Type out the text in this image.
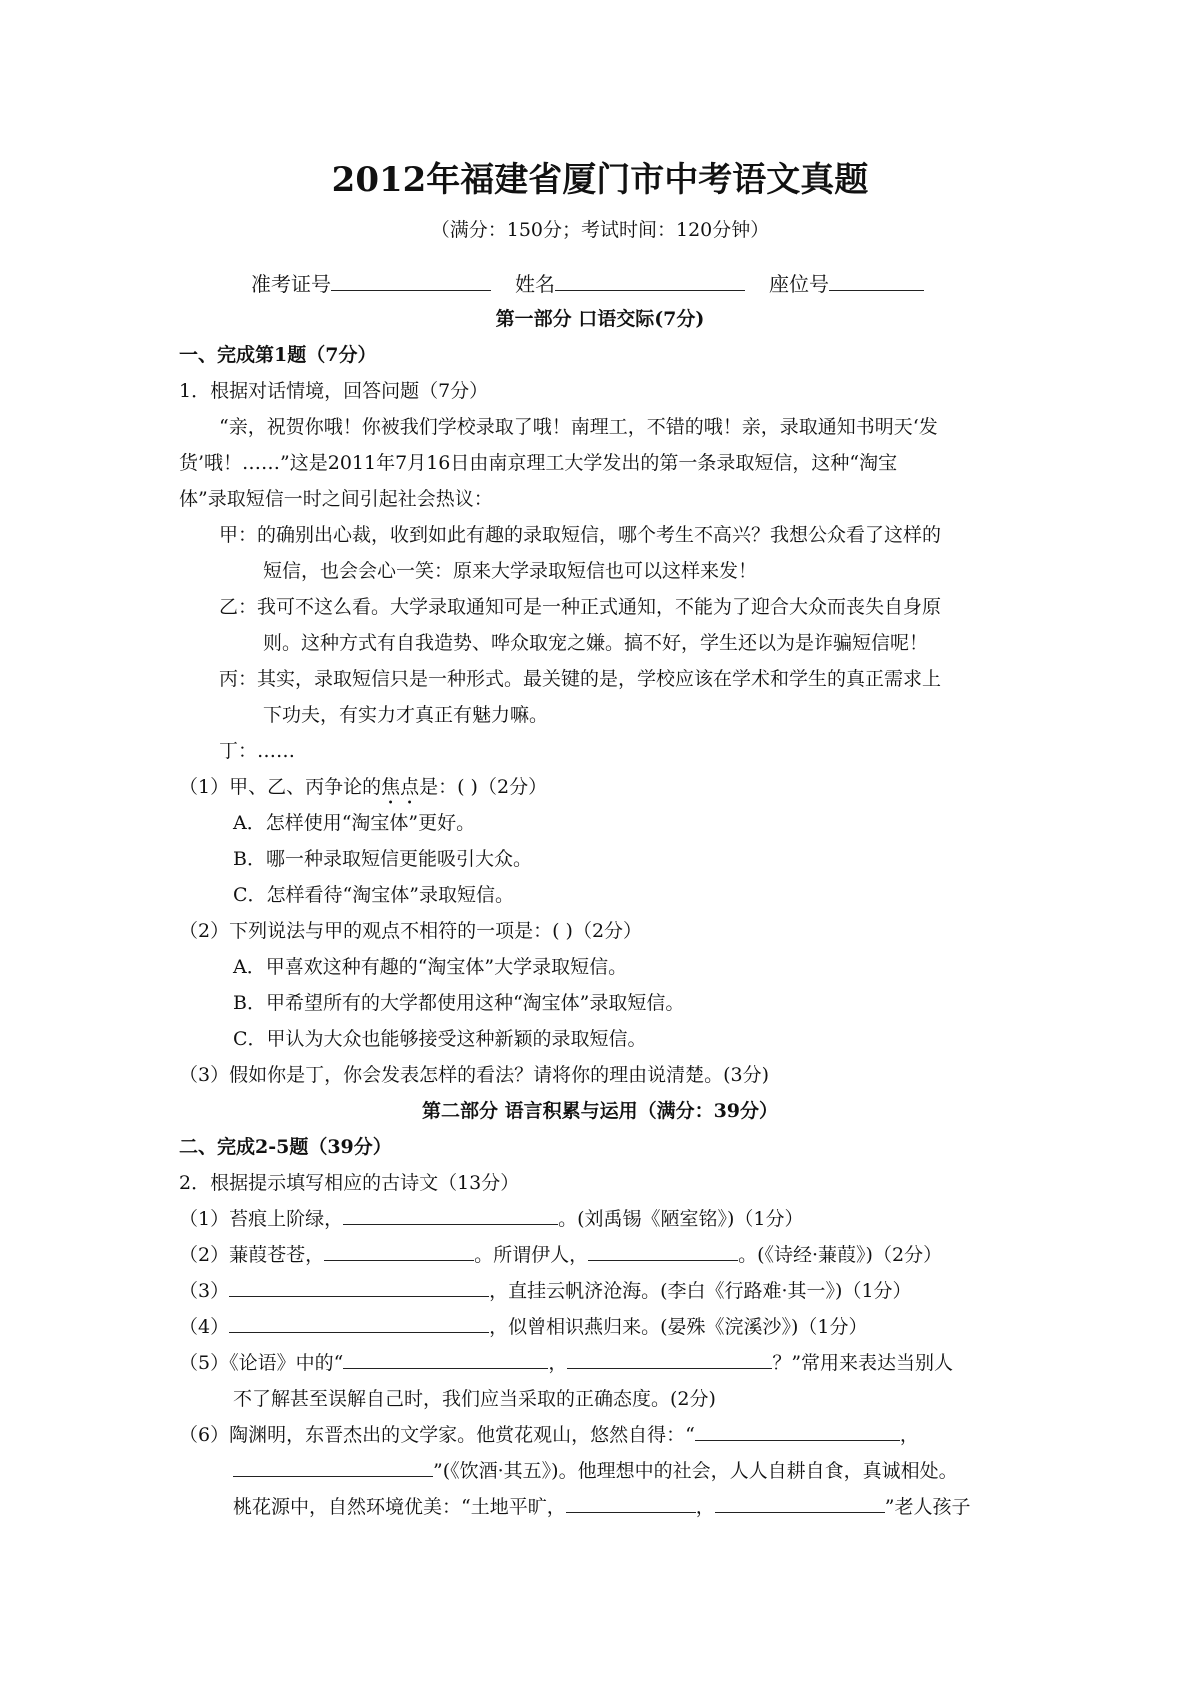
2012年福建省厦门市中考语文真题
（满分：150分；考试时间：120分钟）
准考证号	姓名	座位号
第一部分 口语交际(7分)
一、完成第1题（7分）
1．根据对话情境，回答问题（7分）
“亲，祝贺你哦！你被我们学校录取了哦！南理工，不错的哦！亲，录取通知书明天‘发
货’哦！……”这是2011年7月16日由南京理工大学发出的第一条录取短信，这种“淘宝
体”录取短信一时之间引起社会热议：
甲：的确别出心裁，收到如此有趣的录取短信，哪个考生不高兴？我想公众看了这样的
短信，也会会心一笑：原来大学录取短信也可以这样来发！
乙：我可不这么看。大学录取通知可是一种正式通知，不能为了迎合大众而丧失自身原
则。这种方式有自我造势、哗众取宠之嫌。搞不好，学生还以为是诈骗短信呢！
丙：其实，录取短信只是一种形式。最关键的是，学校应该在学术和学生的真正需求上
下功夫，有实力才真正有魅力嘛。
丁：……
（1）甲、乙、丙争论的焦点是：( )（2分）
A．怎样使用“淘宝体”更好。
B．哪一种录取短信更能吸引大众。
C．怎样看待“淘宝体”录取短信。
（2）下列说法与甲的观点不相符的一项是：( )（2分）
A．甲喜欢这种有趣的“淘宝体”大学录取短信。
B．甲希望所有的大学都使用这种“淘宝体”录取短信。
C．甲认为大众也能够接受这种新颖的录取短信。
（3）假如你是丁，你会发表怎样的看法？请将你的理由说清楚。(3分)
第二部分 语言积累与运用（满分：39分）
二、完成2-5题（39分）
2．根据提示填写相应的古诗文（13分）
（1）苔痕上阶绿，	。(刘禹锡《陋室铭》)（1分）
（2）蒹葭苍苍，	。所谓伊人，	。(《诗经·蒹葭》)（2分）
（3）	，直挂云帆济沧海。(李白《行路难·其一》)（1分）
（4）	，似曾相识燕归来。(晏殊《浣溪沙》)（1分）
（5）《论语》中的“	，	？”常用来表达当别人
不了解甚至误解自己时，我们应当采取的正确态度。(2分)
（6）陶渊明，东晋杰出的文学家。他赏花观山，悠然自得：“	，
”(《饮酒·其五》)。他理想中的社会，人人自耕自食，真诚相处。
桃花源中，自然环境优美：“土地平旷，	，	”老人孩子
